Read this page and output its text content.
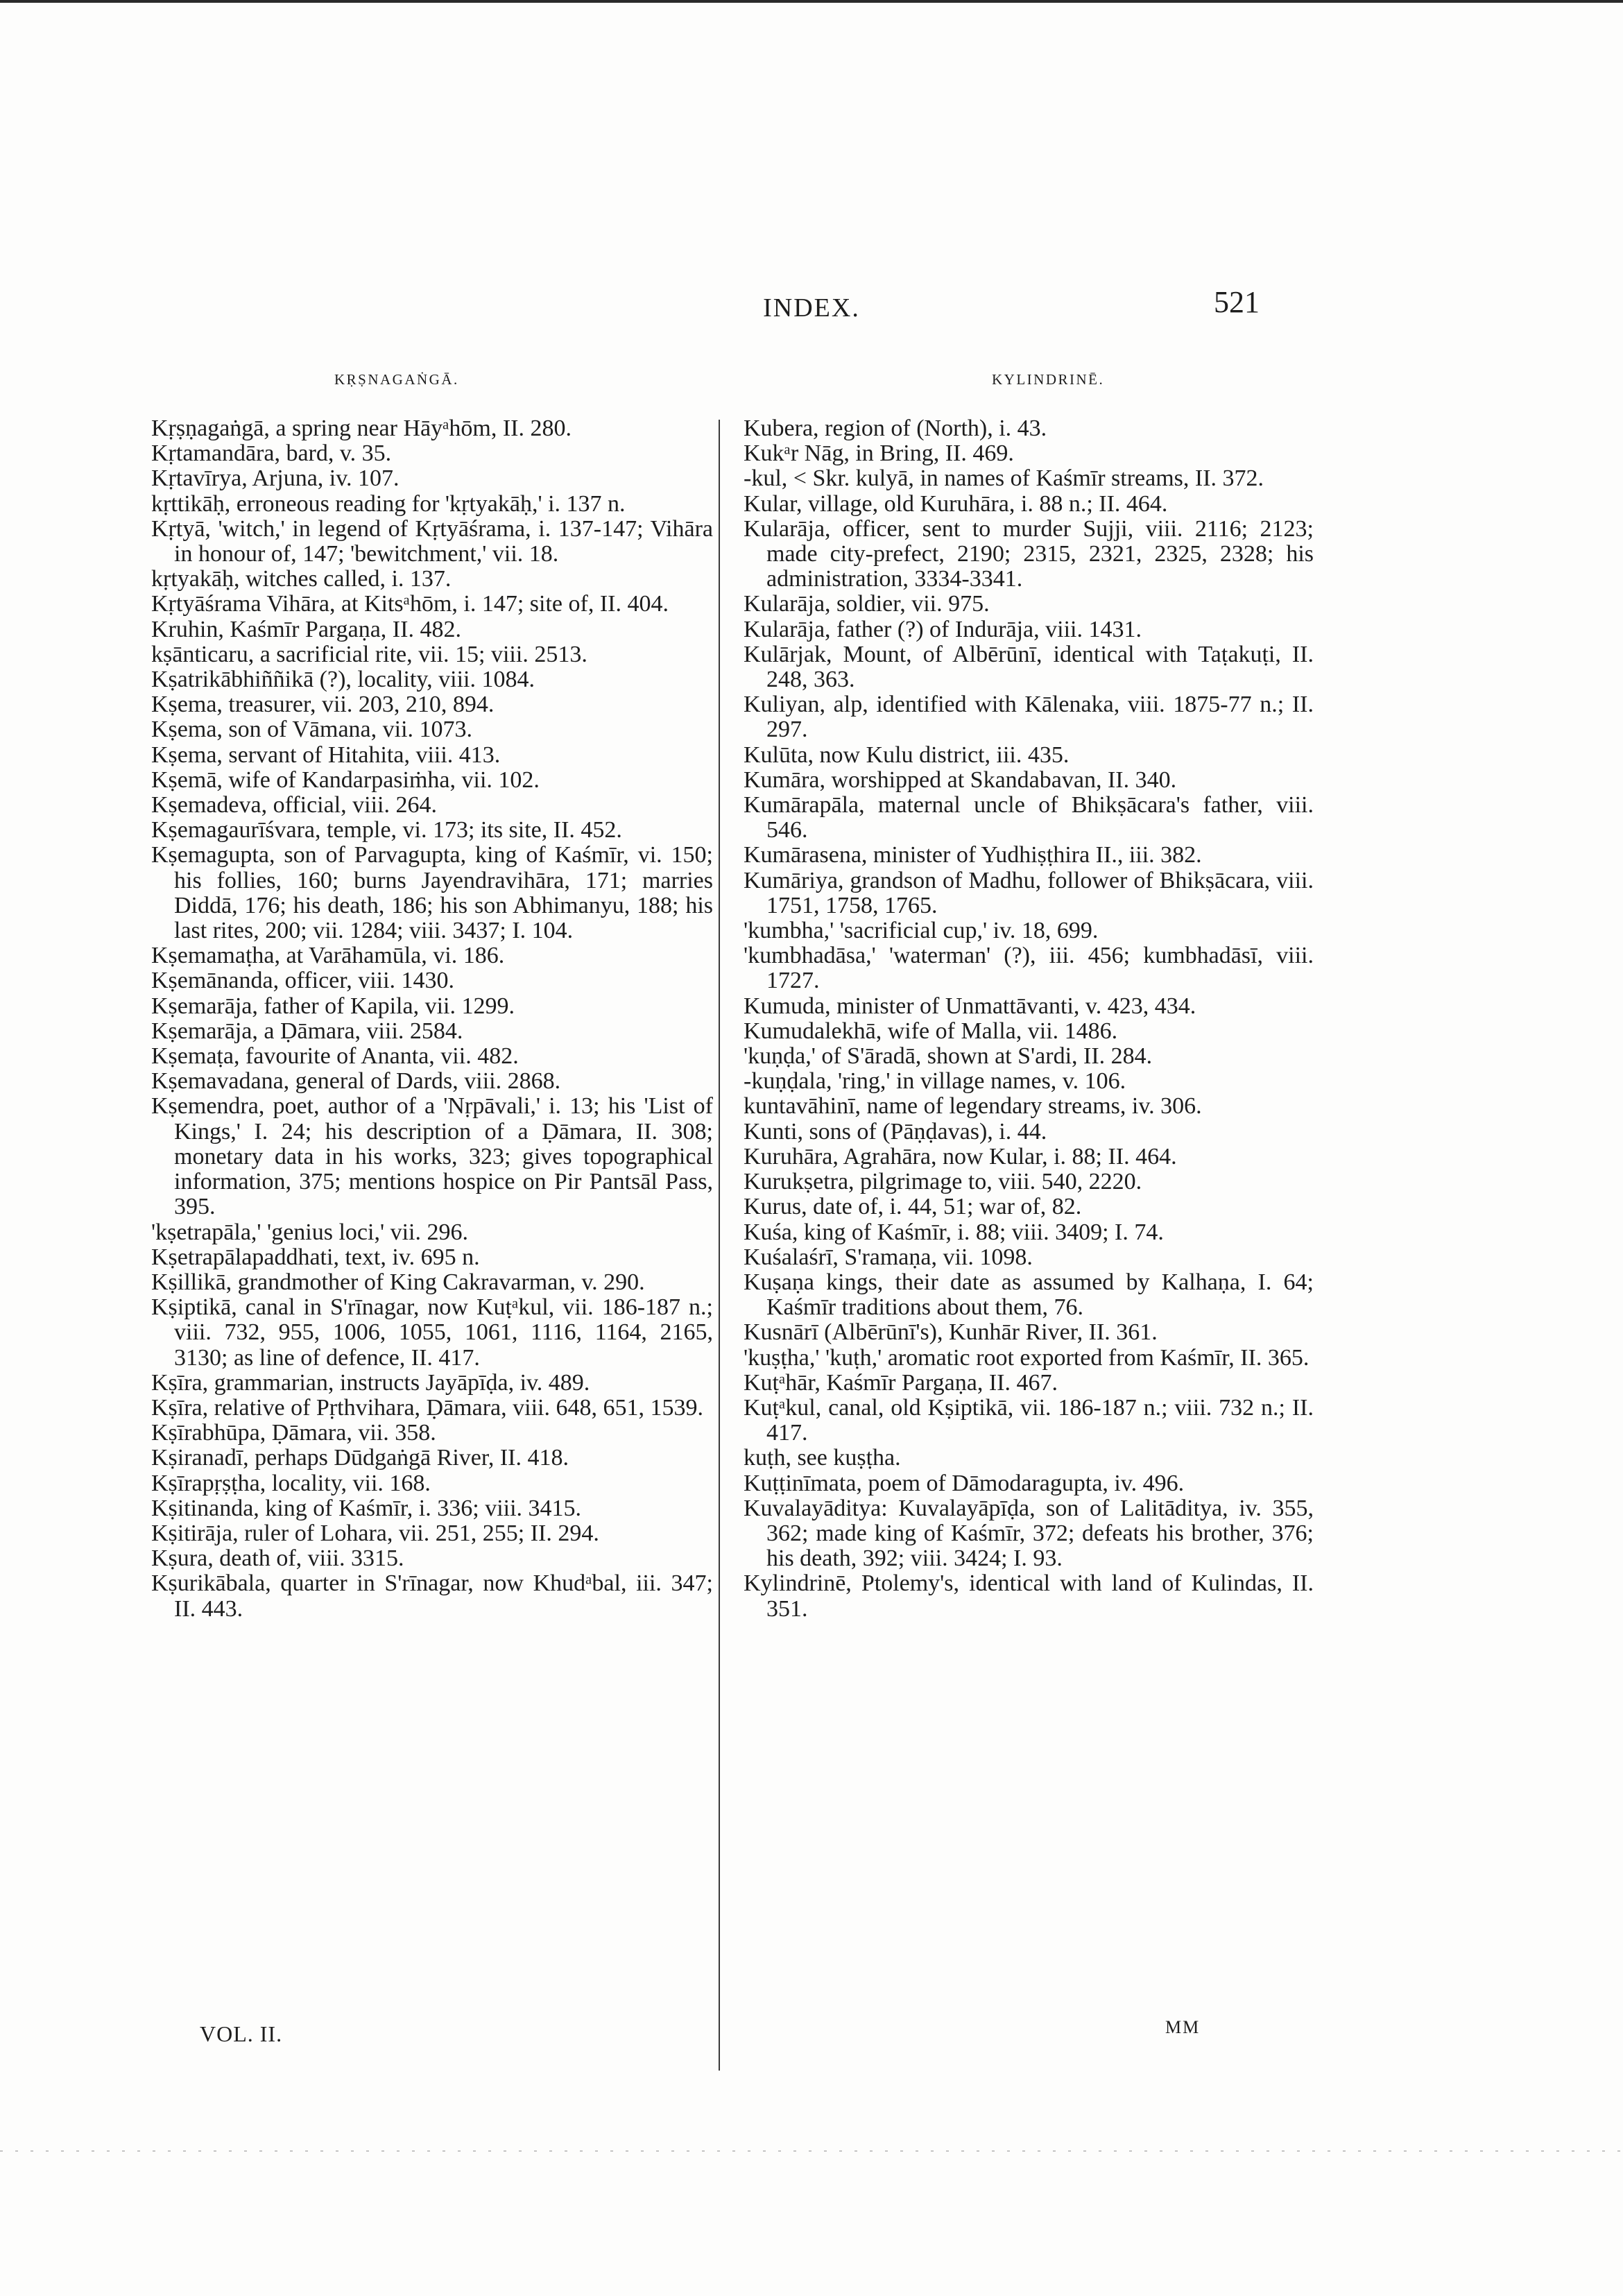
INDEX.	521
KṚṢNAGAṄGĀ.	KYLINDRINĒ.
Kṛṣṇagaṅgā, a spring near Hāyᵃhōm, II. 280.
Kṛtamandāra, bard, v. 35.
Kṛtavīrya, Arjuna, iv. 107.
kṛttikāḥ, erroneous reading for 'kṛtyakāḥ,' i. 137 n.
Kṛtyā, 'witch,' in legend of Kṛtyāśrama, i. 137-147; Vihāra in honour of, 147; 'bewitchment,' vii. 18.
kṛtyakāḥ, witches called, i. 137.
Kṛtyāśrama Vihāra, at Kitsᵃhōm, i. 147; site of, II. 404.
Kruhin, Kaśmīr Pargaṇa, II. 482.
kṣānticaru, a sacrificial rite, vii. 15; viii. 2513.
Kṣatrikābhiññikā (?), locality, viii. 1084.
Kṣema, treasurer, vii. 203, 210, 894.
Kṣema, son of Vāmana, vii. 1073.
Kṣema, servant of Hitahita, viii. 413.
Kṣemā, wife of Kandarpasiṁha, vii. 102.
Kṣemadeva, official, viii. 264.
Kṣemagaurīśvara, temple, vi. 173; its site, II. 452.
Kṣemagupta, son of Parvagupta, king of Kaśmīr, vi. 150; his follies, 160; burns Jayendravihāra, 171; marries Diddā, 176; his death, 186; his son Abhimanyu, 188; his last rites, 200; vii. 1284; viii. 3437; I. 104.
Kṣemamaṭha, at Varāhamūla, vi. 186.
Kṣemānanda, officer, viii. 1430.
Kṣemarāja, father of Kapila, vii. 1299.
Kṣemarāja, a Ḍāmara, viii. 2584.
Kṣemaṭa, favourite of Ananta, vii. 482.
Kṣemavadana, general of Dards, viii. 2868.
Kṣemendra, poet, author of a 'Nṛpāvali,' i. 13; his 'List of Kings,' I. 24; his description of a Ḍāmara, II. 308; monetary data in his works, 323; gives topographical information, 375; mentions hospice on Pir Pantsāl Pass, 395.
'kṣetrapāla,' 'genius loci,' vii. 296.
Kṣetrapālapaddhati, text, iv. 695 n.
Kṣillikā, grandmother of King Cakravarman, v. 290.
Kṣiptikā, canal in S'rīnagar, now Kuṭᵃkul, vii. 186-187 n.; viii. 732, 955, 1006, 1055, 1061, 1116, 1164, 2165, 3130; as line of defence, II. 417.
Kṣīra, grammarian, instructs Jayāpīḍa, iv. 489.
Kṣīra, relative of Pṛthvihara, Ḍāmara, viii. 648, 651, 1539.
Kṣīrabhūpa, Ḍāmara, vii. 358.
Kṣiranadī, perhaps Dūdgaṅgā River, II. 418.
Kṣīrapṛṣṭha, locality, vii. 168.
Kṣitinanda, king of Kaśmīr, i. 336; viii. 3415.
Kṣitirāja, ruler of Lohara, vii. 251, 255; II. 294.
Kṣura, death of, viii. 3315.
Kṣurikābala, quarter in S'rīnagar, now Khudᵃbal, iii. 347; II. 443.
Kubera, region of (North), i. 43.
Kukᵃr Nāg, in Bring, II. 469.
-kul, < Skr. kulyā, in names of Kaśmīr streams, II. 372.
Kular, village, old Kuruhāra, i. 88 n.; II. 464.
Kularāja, officer, sent to murder Sujji, viii. 2116; 2123; made city-prefect, 2190; 2315, 2321, 2325, 2328; his administration, 3334-3341.
Kularāja, soldier, vii. 975.
Kularāja, father (?) of Indurāja, viii. 1431.
Kulārjak, Mount, of Albērūnī, identical with Taṭakuṭi, II. 248, 363.
Kuliyan, alp, identified with Kālenaka, viii. 1875-77 n.; II. 297.
Kulūta, now Kulu district, iii. 435.
Kumāra, worshipped at Skandabavan, II. 340.
Kumārapāla, maternal uncle of Bhikṣācara's father, viii. 546.
Kumārasena, minister of Yudhiṣṭhira II., iii. 382.
Kumāriya, grandson of Madhu, follower of Bhikṣācara, viii. 1751, 1758, 1765.
'kumbha,' 'sacrificial cup,' iv. 18, 699.
'kumbhadāsa,' 'waterman' (?), iii. 456; kumbhadāsī, viii. 1727.
Kumuda, minister of Unmattāvanti, v. 423, 434.
Kumudalekhā, wife of Malla, vii. 1486.
'kuṇḍa,' of S'āradā, shown at S'ardi, II. 284.
-kuṇḍala, 'ring,' in village names, v. 106.
kuntavāhinī, name of legendary streams, iv. 306.
Kunti, sons of (Pāṇḍavas), i. 44.
Kuruhāra, Agrahāra, now Kular, i. 88; II. 464.
Kurukṣetra, pilgrimage to, viii. 540, 2220.
Kurus, date of, i. 44, 51; war of, 82.
Kuśa, king of Kaśmīr, i. 88; viii. 3409; I. 74.
Kuśalaśrī, S'ramaṇa, vii. 1098.
Kuṣaṇa kings, their date as assumed by Kalhaṇa, I. 64; Kaśmīr traditions about them, 76.
Kusnārī (Albērūnī's), Kunhār River, II. 361.
'kuṣṭha,' 'kuṭh,' aromatic root exported from Kaśmīr, II. 365.
Kuṭᵃhār, Kaśmīr Pargaṇa, II. 467.
Kuṭᵃkul, canal, old Kṣiptikā, vii. 186-187 n.; viii. 732 n.; II. 417.
kuṭh, see kuṣṭha.
Kuṭṭinīmata, poem of Dāmodaragupta, iv. 496.
Kuvalayāditya: Kuvalayāpīḍa, son of Lalitāditya, iv. 355, 362; made king of Kaśmīr, 372; defeats his brother, 376; his death, 392; viii. 3424; I. 93.
Kylindrinē, Ptolemy's, identical with land of Kulindas, II. 351.
VOL. II.	MM
